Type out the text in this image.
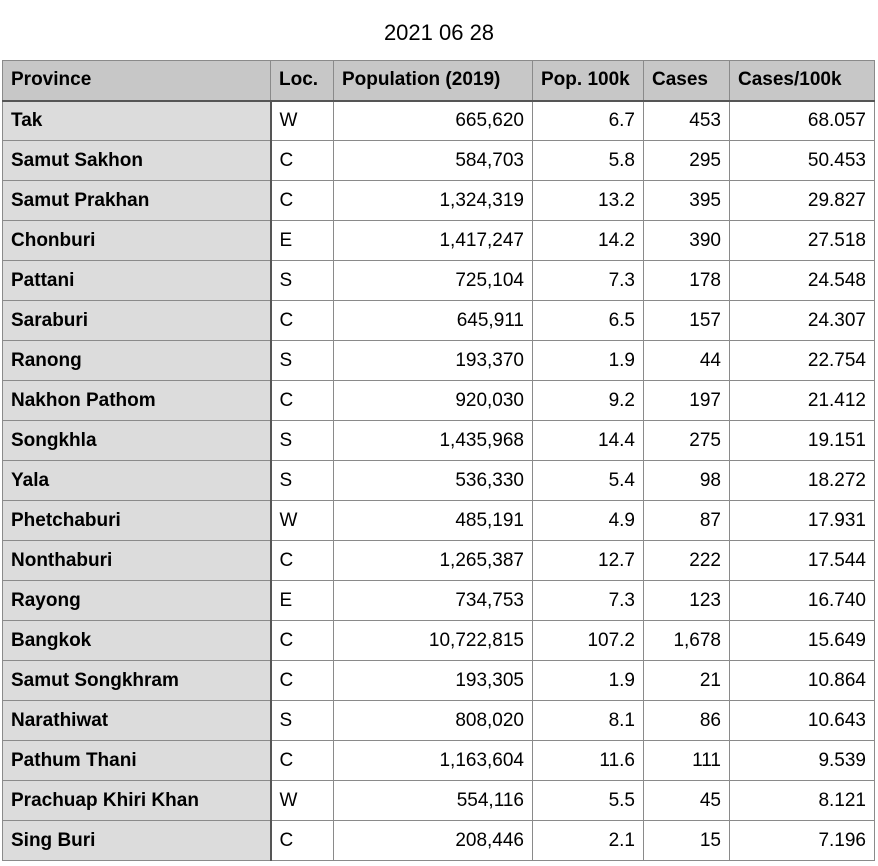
2021 06 28
Province	Loc.	Population (2019)	Pop. 100k	Cases	Cases/100k
Tak	W	665,620	6.7	453	68.057
Samut Sakhon	C	584,703	5.8	295	50.453
Samut Prakhan	C	1,324,319	13.2	395	29.827
Chonburi	E	1,417,247	14.2	390	27.518
Pattani	S	725,104	7.3	178	24.548
Saraburi	C	645,911	6.5	157	24.307
Ranong	S	193,370	1.9	44	22.754
Nakhon Pathom	C	920,030	9.2	197	21.412
Songkhla	S	1,435,968	14.4	275	19.151
Yala	S	536,330	5.4	98	18.272
Phetchaburi	W	485,191	4.9	87	17.931
Nonthaburi	C	1,265,387	12.7	222	17.544
Rayong	E	734,753	7.3	123	16.740
Bangkok	C	10,722,815	107.2	1,678	15.649
Samut Songkhram	C	193,305	1.9	21	10.864
Narathiwat	S	808,020	8.1	86	10.643
Pathum Thani	C	1,163,604	11.6	111	9.539
Prachuap Khiri Khan	W	554,116	5.5	45	8.121
Sing Buri	C	208,446	2.1	15	7.196
